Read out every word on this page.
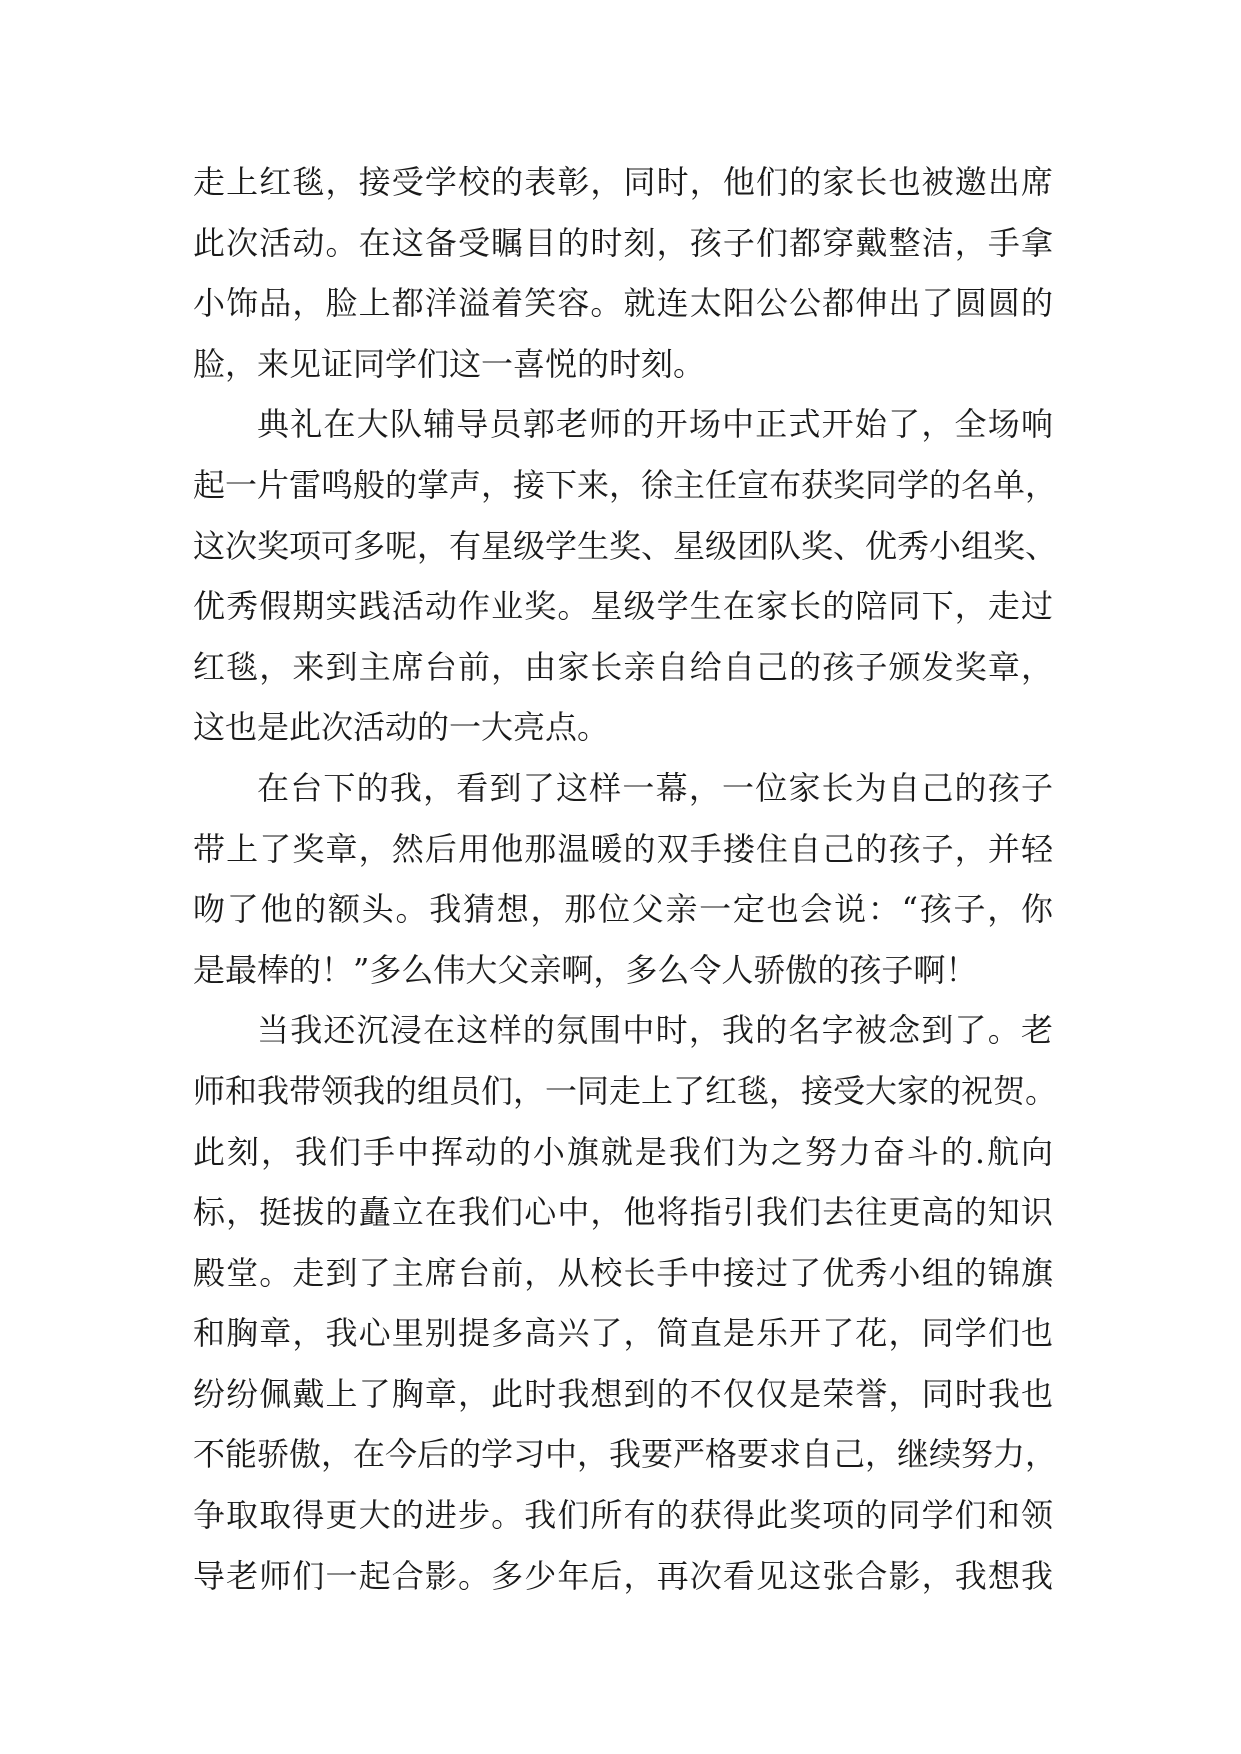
走上红毯，接受学校的表彰，同时，他们的家长也被邀出席
此次活动。在这备受瞩目的时刻，孩子们都穿戴整洁，手拿
小饰品，脸上都洋溢着笑容。就连太阳公公都伸出了圆圆的
脸，来见证同学们这一喜悦的时刻。
典礼在大队辅导员郭老师的开场中正式开始了，全场响
起一片雷鸣般的掌声，接下来，徐主任宣布获奖同学的名单，
这次奖项可多呢，有星级学生奖、星级团队奖、优秀小组奖、
优秀假期实践活动作业奖。星级学生在家长的陪同下，走过
红毯，来到主席台前，由家长亲自给自己的孩子颁发奖章，
这也是此次活动的一大亮点。
在台下的我，看到了这样一幕，一位家长为自己的孩子
带上了奖章，然后用他那温暖的双手搂住自己的孩子，并轻
吻了他的额头。我猜想，那位父亲一定也会说：“孩子，你
是最棒的！”多么伟大父亲啊，多么令人骄傲的孩子啊！
当我还沉浸在这样的氛围中时，我的名字被念到了。老
师和我带领我的组员们，一同走上了红毯，接受大家的祝贺。
此刻，我们手中挥动的小旗就是我们为之努力奋斗的.航向
标，挺拔的矗立在我们心中，他将指引我们去往更高的知识
殿堂。走到了主席台前，从校长手中接过了优秀小组的锦旗
和胸章，我心里别提多高兴了，简直是乐开了花，同学们也
纷纷佩戴上了胸章，此时我想到的不仅仅是荣誉，同时我也
不能骄傲，在今后的学习中，我要严格要求自己，继续努力，
争取取得更大的进步。我们所有的获得此奖项的同学们和领
导老师们一起合影。多少年后，再次看见这张合影，我想我
